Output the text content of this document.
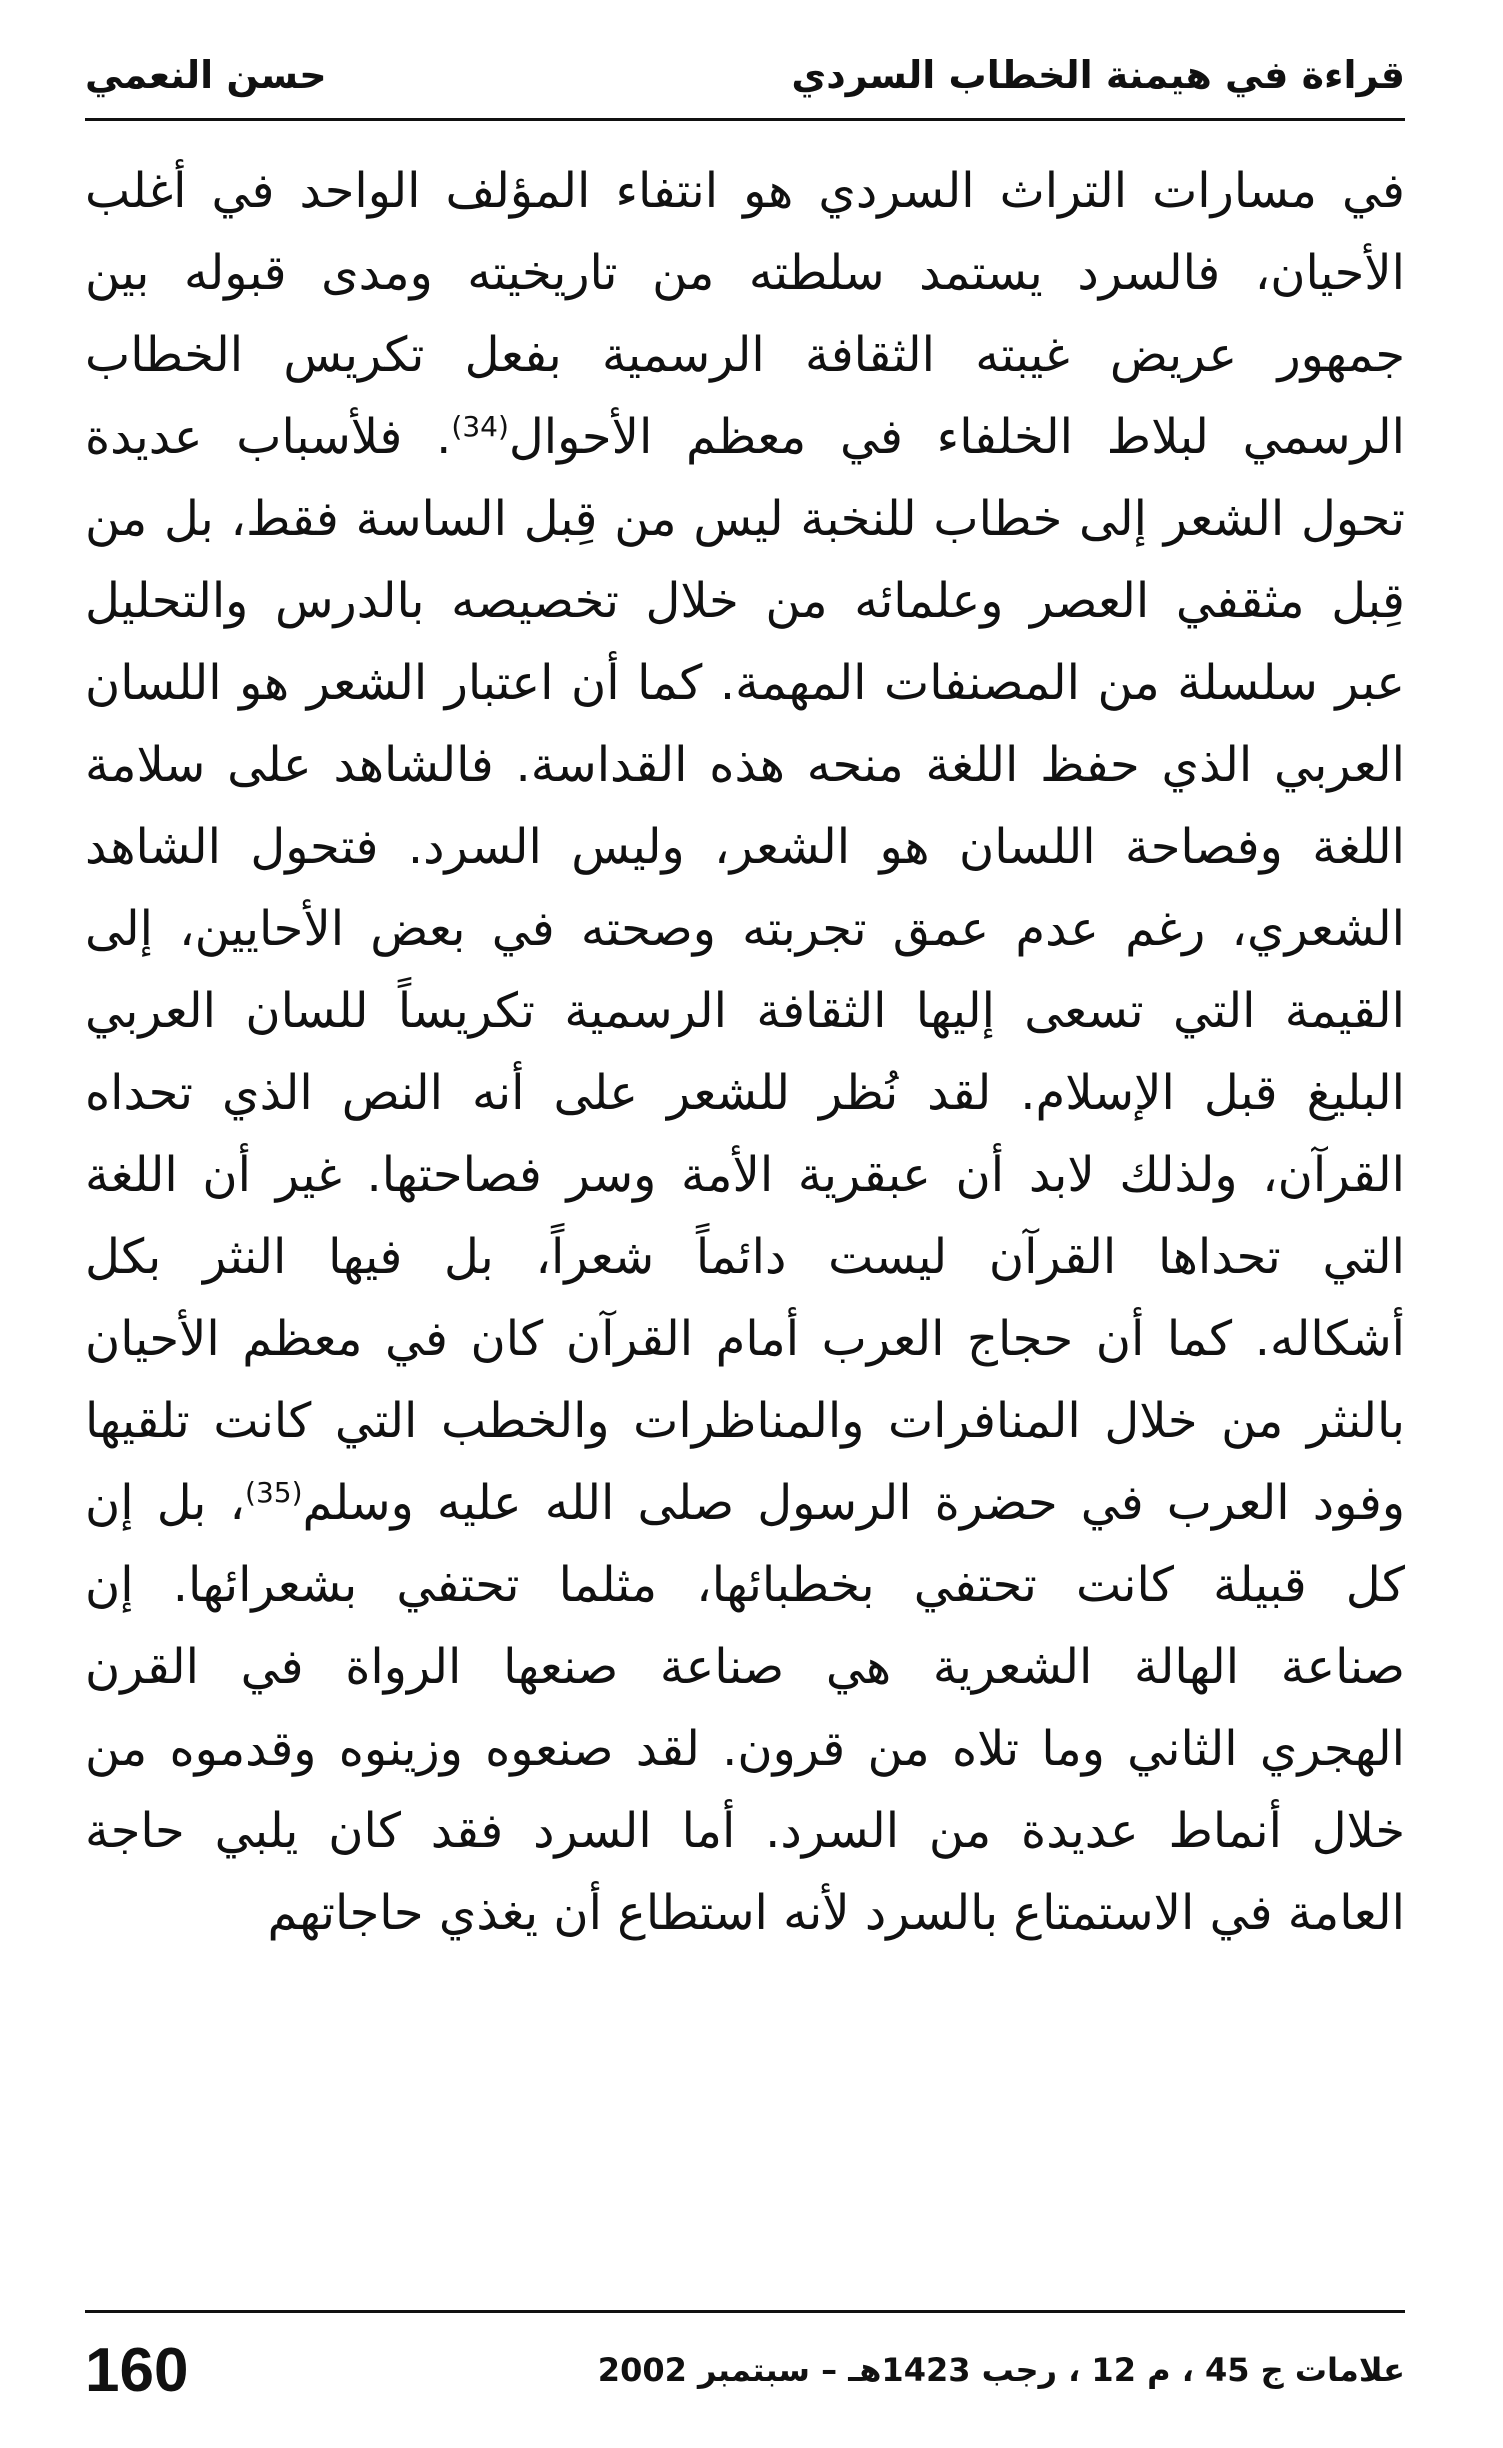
قراءة في هيمنة الخطاب السردي
حسن النعمي
في مسارات التراث السردي هو انتفاء المؤلف الواحد في أغلب
الأحيان، فالسرد يستمد سلطته من تاريخيته ومدى قبوله بين
جمهور عريض غيبته الثقافة الرسمية بفعل تكريس الخطاب
الرسمي لبلاط الخلفاء في معظم الأحوال$^{(34)}$. فلأسباب عديدة
تحول الشعر إلى خطاب للنخبة ليس من قِبل الساسة فقط، بل من
قِبل مثقفي العصر وعلمائه من خلال تخصيصه بالدرس والتحليل
عبر سلسلة من المصنفات المهمة. كما أن اعتبار الشعر هو اللسان
العربي الذي حفظ اللغة منحه هذه القداسة. فالشاهد على سلامة
اللغة وفصاحة اللسان هو الشعر، وليس السرد. فتحول الشاهد
الشعري، رغم عدم عمق تجربته وصحته في بعض الأحايين، إلى
القيمة التي تسعى إليها الثقافة الرسمية تكريساً للسان العربي
البليغ قبل الإسلام. لقد نُظر للشعر على أنه النص الذي تحداه
القرآن، ولذلك لابد أن عبقرية الأمة وسر فصاحتها. غير أن اللغة
التي تحداها القرآن ليست دائماً شعراً، بل فيها النثر بكل
أشكاله. كما أن حجاج العرب أمام القرآن كان في معظم الأحيان
بالنثر من خلال المنافرات والمناظرات والخطب التي كانت تلقيها
وفود العرب في حضرة الرسول صلى الله عليه وسلم$^{(35)}$، بل إن
كل قبيلة كانت تحتفي بخطبائها، مثلما تحتفي بشعرائها. إن
صناعة الهالة الشعرية هي صناعة صنعها الرواة في القرن
الهجري الثاني وما تلاه من قرون. لقد صنعوه وزينوه وقدموه من
خلال أنماط عديدة من السرد. أما السرد فقد كان يلبي حاجة
العامة في الاستمتاع بالسرد لأنه استطاع أن يغذي حاجاتهم
علامات ج 45 ، م 12 ، رجب 1423هـ – سبتمبر 2002
160
